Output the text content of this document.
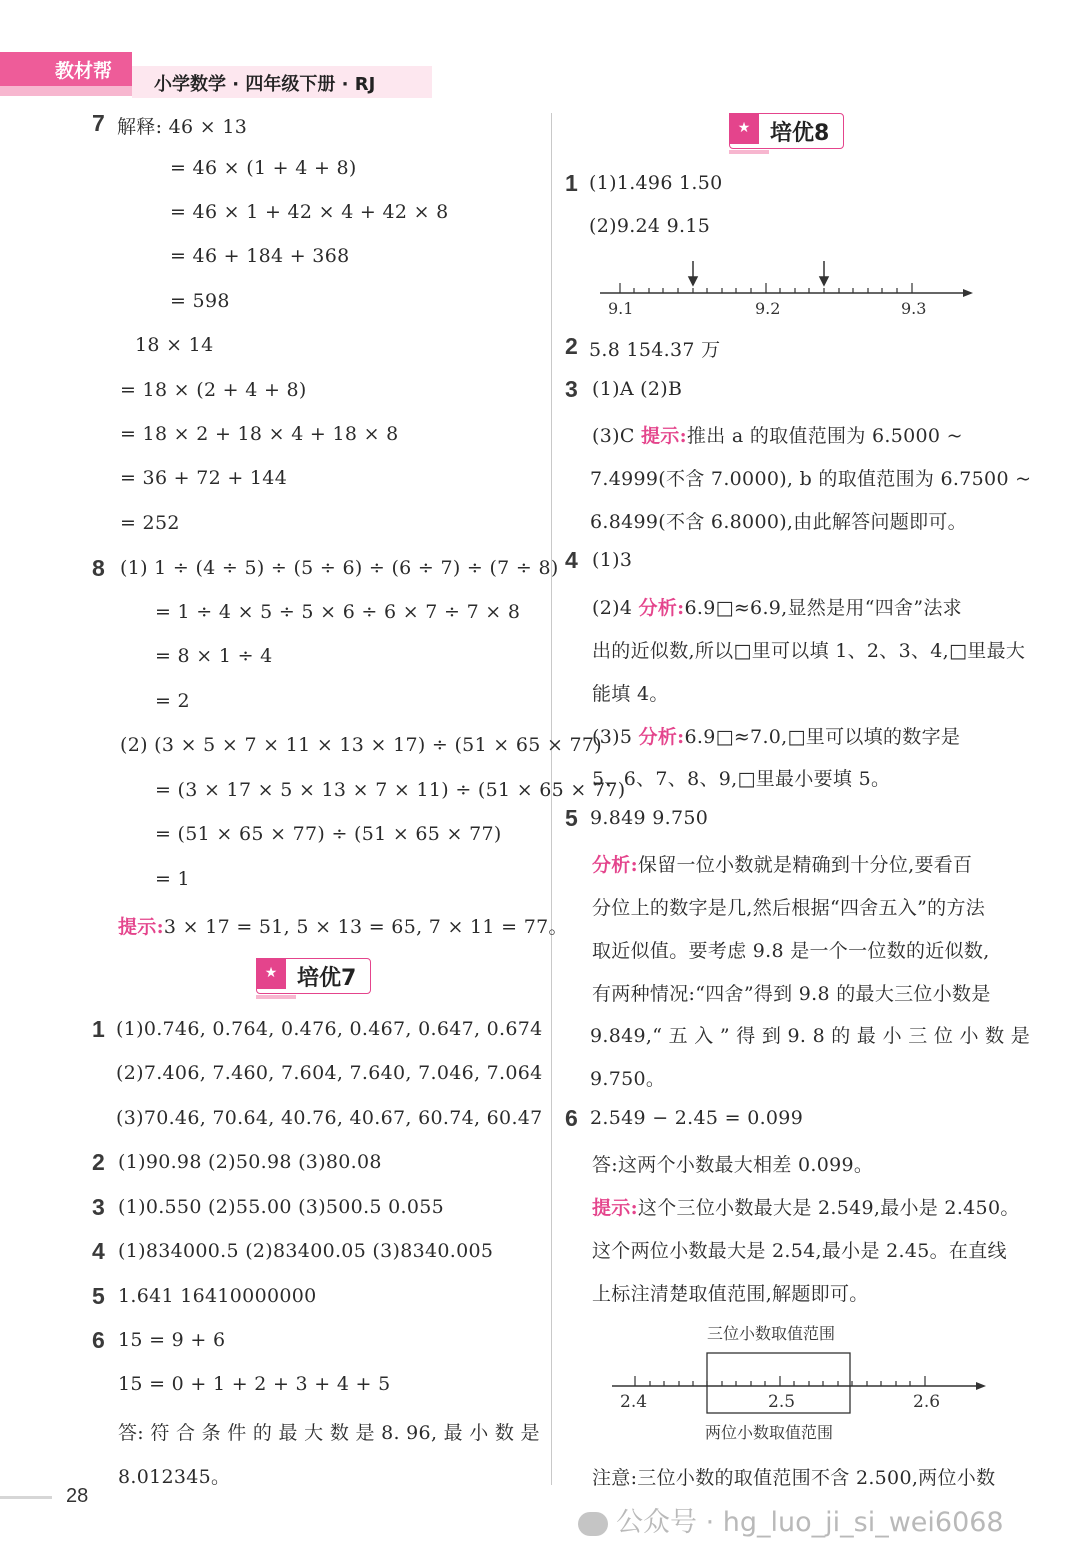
小学数学 · 四年级下册 · RJ
教材帮
7 解释: 46 × 13
= 46 × (1 + 4 + 8)
= 46 × 1 + 42 × 4 + 42 × 8
= 46 + 184 + 368
= 598
18 × 14
= 18 × (2 + 4 + 8)
= 18 × 2 + 18 × 4 + 18 × 8
= 36 + 72 + 144
= 252
8 (1) 1 ÷ (4 ÷ 5) ÷ (5 ÷ 6) ÷ (6 ÷ 7) ÷ (7 ÷ 8)
= 1 ÷ 4 × 5 ÷ 5 × 6 ÷ 6 × 7 ÷ 7 × 8
= 8 × 1 ÷ 4
= 2
(2) (3 × 5 × 7 × 11 × 13 × 17) ÷ (51 × 65 × 77)
= (3 × 17 × 5 × 13 × 7 × 11) ÷ (51 × 65 × 77)
= (51 × 65 × 77) ÷ (51 × 65 × 77)
= 1
提示:3 × 17 = 51, 5 × 13 = 65, 7 × 11 = 77。
★ 培优7
1 (1)0.746, 0.764, 0.476, 0.467, 0.647, 0.674
(2)7.406, 7.460, 7.604, 7.640, 7.046, 7.064
(3)70.46, 70.64, 40.76, 40.67, 60.74, 60.47
2 (1)90.98 (2)50.98 (3)80.08
3 (1)0.550 (2)55.00 (3)500.5 0.055
4 (1)834000.5 (2)83400.05 (3)8340.005
5 1.641 16410000000
6 15 = 9 + 6
15 = 0 + 1 + 2 + 3 + 4 + 5
答: 符 合 条 件 的 最 大 数 是 8. 96, 最 小 数 是
8.012345。
★ 培优8
1 (1)1.496 1.50
(2)9.24 9.15
9.1	9.2	9.3
2 5.8 154.37 万
3 (1)A (2)B
(3)C 提示:推出 a 的取值范围为 6.5000 ~
7.4999(不含 7.0000), b 的取值范围为 6.7500 ~
6.8499(不含 6.8000),由此解答问题即可。
4 (1)3
(2)4 分析:6.9□≈6.9,显然是用“四舍”法求
出的近似数,所以□里可以填 1、2、3、4,□里最大
能填 4。
(3)5 分析:6.9□≈7.0,□里可以填的数字是
5、6、7、8、9,□里最小要填 5。
5 9.849 9.750
分析:保留一位小数就是精确到十分位,要看百
分位上的数字是几,然后根据“四舍五入”的方法
取近似值。要考虑 9.8 是一个一位数的近似数,
有两种情况:“四舍”得到 9.8 的最大三位小数是
9.849,“ 五 入 ” 得 到 9. 8 的 最 小 三 位 小 数 是
9.750。
6 2.549 − 2.45 = 0.099
答:这两个小数最大相差 0.099。
提示:这个三位小数最大是 2.549,最小是 2.450。
这个两位小数最大是 2.54,最小是 2.45。在直线
上标注清楚取值范围,解题即可。
三位小数取值范围
2.4	2.5	2.6
两位小数取值范围
注意:三位小数的取值范围不含 2.500,两位小数
28
公众号 · hg_luo_ji_si_wei6068
